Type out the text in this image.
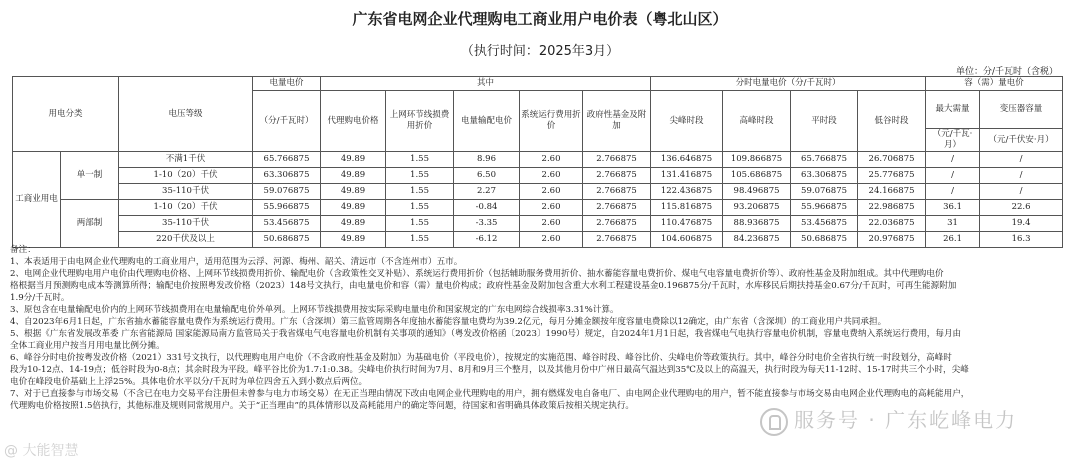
广东省电网企业代理购电工商业用户电价表（粤北山区）
（执行时间：2025年3月）
单位：分/千瓦时（含税）
用电分类		电压等级	电量电价	其中					分时电量电价（分/千瓦时）				容（需）量电价	
			（分/千瓦时）	代理购电价格	上网环节线损费用折价	电量输配电价	系统运行费用折价	政府性基金及附加	尖峰时段	高峰时段	平时段	低谷时段	最大需量	变压器容量
													（元/千瓦·月）	（元/千伏安·月）
工商业用电	单一制	不满1千伏	65.766875	49.89	1.55	8.96	2.60	2.766875	136.646875	109.866875	65.766875	26.706875	/	/
		1-10（20）千伏	63.306875	49.89	1.55	6.50	2.60	2.766875	131.416875	105.686875	63.306875	25.776875	/	/
		35-110千伏	59.076875	49.89	1.55	2.27	2.60	2.766875	122.436875	98.496875	59.076875	24.166875	/	/
	两部制	1-10（20）千伏	55.966875	49.89	1.55	-0.84	2.60	2.766875	115.816875	93.206875	55.966875	22.986875	36.1	22.6
		35-110千伏	53.456875	49.89	1.55	-3.35	2.60	2.766875	110.476875	88.936875	53.456875	22.036875	31	19.4
		220千伏及以上	50.686875	49.89	1.55	-6.12	2.60	2.766875	104.606875	84.236875	50.686875	20.976875	26.1	16.3

备注：

1、本表适用于由电网企业代理购电的工商业用户，适用范围为云浮、河源、梅州、韶关、清远市（不含连州市）五市。

2、电网企业代理购电用户电价由代理购电价格、上网环节线损费用折价、输配电价（含政策性交叉补贴）、系统运行费用折价（包括辅助服务费用折价、抽水蓄能容量电费折价、煤电气电容量电费折价等）、政府性基金及附加组成。其中代理购电价

格根据当月预测购电成本等测算所得；输配电价按照粤发改价格（2023）148号文执行，由电量电价和容（需）量电价构成；政府性基金及附加包含重大水利工程建设基金0.196875分/千瓦时，水库移民后期扶持基金0.67分/千瓦时，可再生能源附加

1.9分/千瓦时。

3、原包含在电量输配电价内的上网环节线损费用在电量输配电价外单列。上网环节线损费用按实际采购电量电价和国家规定的广东电网综合线损率3.31%计算。

4、自2023年6月1日起，广东省抽水蓄能容量电费作为系统运行费用。广东（含深圳）第三监管周期各年度抽水蓄能容量电费均为39.2亿元，每月分摊金额按年度容量电费除以12确定，由广东省（含深圳）的工商业用户共同承担。

5、根据《广东省发展改革委 广东省能源局 国家能源局南方监管局关于我省煤电气电容量电价机制有关事项的通知》（粤发改价格函〔2023〕1990号）规定，自2024年1月1日起，我省煤电气电执行容量电价机制，容量电费纳入系统运行费用，每月由

全体工商业用户按当月用电量比例分摊。

6、峰谷分时电价按粤发改价格（2021）331号文执行，以代理购电用户电价（不含政府性基金及附加）为基础电价（平段电价），按规定的实施范围、峰谷时段、峰谷比价、尖峰电价等政策执行。其中，峰谷分时电价全省执行统一时段划分，高峰时

段为10-12点、14-19点；低谷时段为0-8点；其余时段为平段。峰平谷比价为1.7:1:0.38。尖峰电价执行时间为7月、8月和9月三个整月，以及其他月份中广州日最高气温达到35℃及以上的高温天，执行时段为每天11-12时、15-17时共三个小时，尖峰

电价在峰段电价基础上上浮25%。具体电价水平以分/千瓦时为单位四舍五入到小数点后两位。

7、对于已直接参与市场交易（不含已在电力交易平台注册但未曾参与电力市场交易）在无正当理由情况下改由电网企业代理购电的用户，拥有燃煤发电自备电厂、由电网企业代理购电的用户，暂不能直接参与市场交易由电网企业代理购电的高耗能用户，

代理购电价格按照1.5倍执行，其他标准及规则同常规用户。关于“正当理由”的具体情形以及高耗能用户的确定等问题，待国家和省明确具体政策后按相关规定执行。

服务号 · 广东屹峰电力
@ 大能智慧
